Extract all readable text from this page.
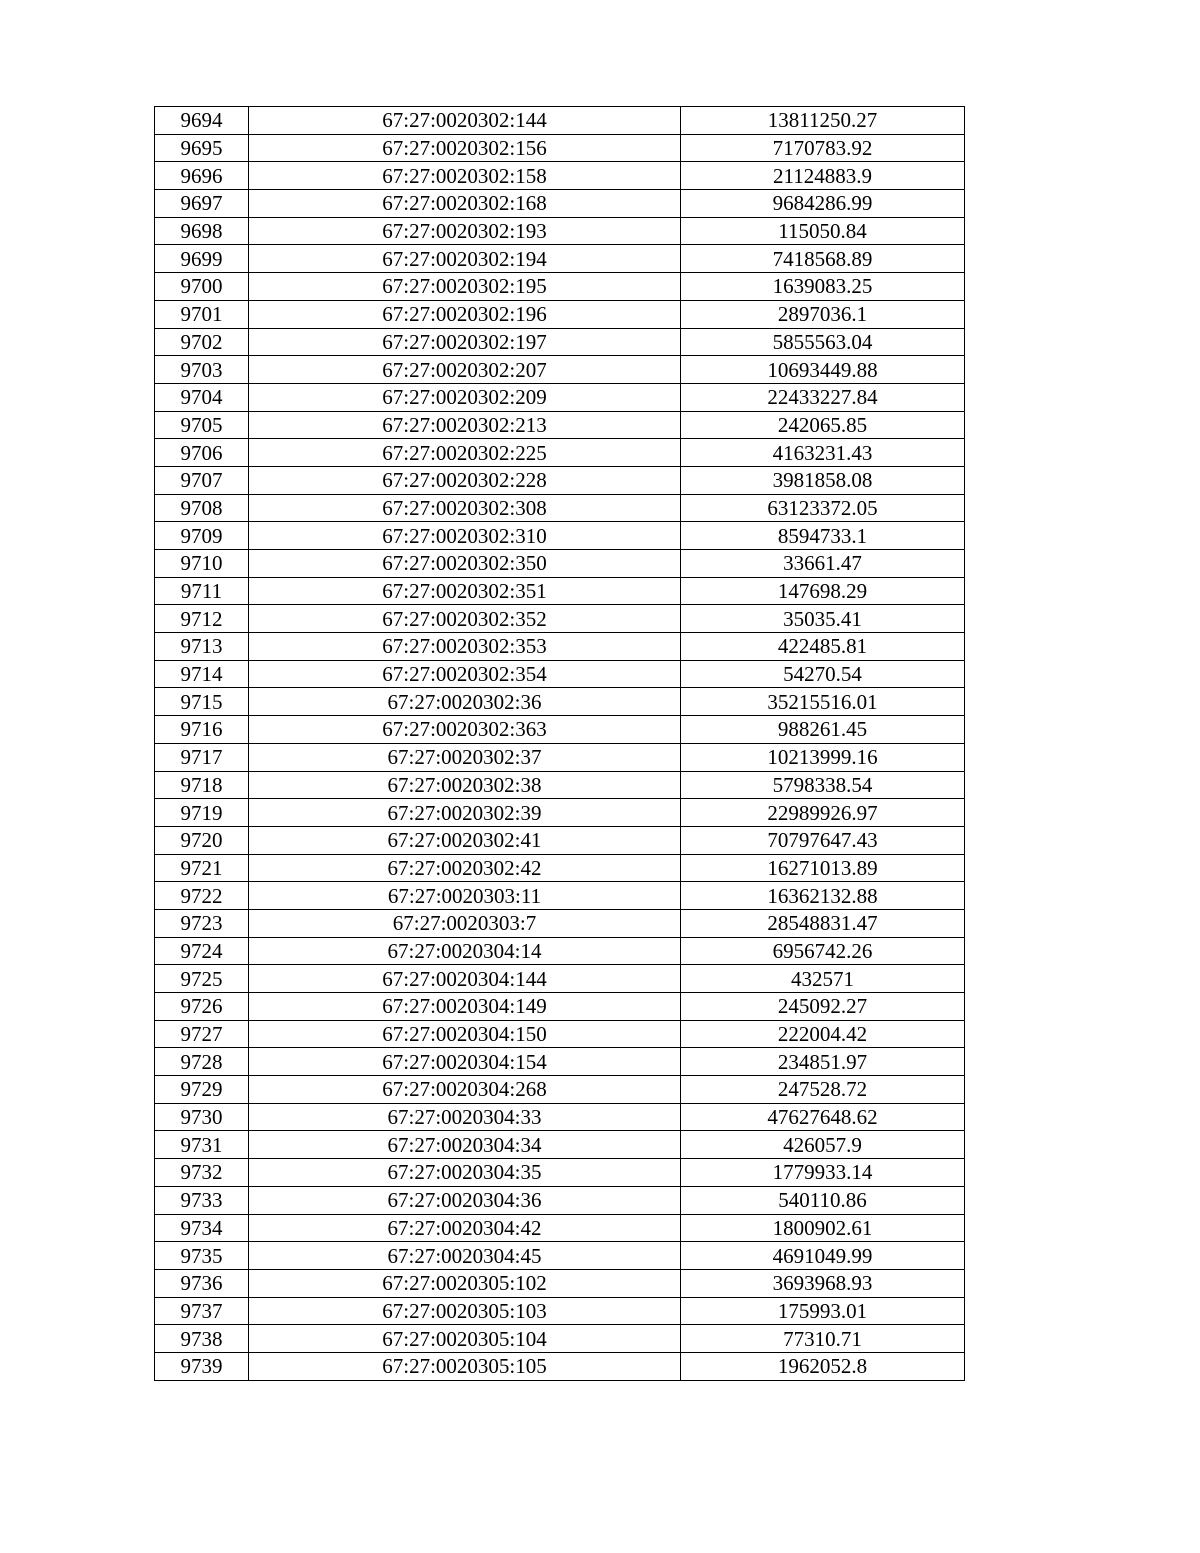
9694	67:27:0020302:144	13811250.27
9695	67:27:0020302:156	7170783.92
9696	67:27:0020302:158	21124883.9
9697	67:27:0020302:168	9684286.99
9698	67:27:0020302:193	115050.84
9699	67:27:0020302:194	7418568.89
9700	67:27:0020302:195	1639083.25
9701	67:27:0020302:196	2897036.1
9702	67:27:0020302:197	5855563.04
9703	67:27:0020302:207	10693449.88
9704	67:27:0020302:209	22433227.84
9705	67:27:0020302:213	242065.85
9706	67:27:0020302:225	4163231.43
9707	67:27:0020302:228	3981858.08
9708	67:27:0020302:308	63123372.05
9709	67:27:0020302:310	8594733.1
9710	67:27:0020302:350	33661.47
9711	67:27:0020302:351	147698.29
9712	67:27:0020302:352	35035.41
9713	67:27:0020302:353	422485.81
9714	67:27:0020302:354	54270.54
9715	67:27:0020302:36	35215516.01
9716	67:27:0020302:363	988261.45
9717	67:27:0020302:37	10213999.16
9718	67:27:0020302:38	5798338.54
9719	67:27:0020302:39	22989926.97
9720	67:27:0020302:41	70797647.43
9721	67:27:0020302:42	16271013.89
9722	67:27:0020303:11	16362132.88
9723	67:27:0020303:7	28548831.47
9724	67:27:0020304:14	6956742.26
9725	67:27:0020304:144	432571
9726	67:27:0020304:149	245092.27
9727	67:27:0020304:150	222004.42
9728	67:27:0020304:154	234851.97
9729	67:27:0020304:268	247528.72
9730	67:27:0020304:33	47627648.62
9731	67:27:0020304:34	426057.9
9732	67:27:0020304:35	1779933.14
9733	67:27:0020304:36	540110.86
9734	67:27:0020304:42	1800902.61
9735	67:27:0020304:45	4691049.99
9736	67:27:0020305:102	3693968.93
9737	67:27:0020305:103	175993.01
9738	67:27:0020305:104	77310.71
9739	67:27:0020305:105	1962052.8
